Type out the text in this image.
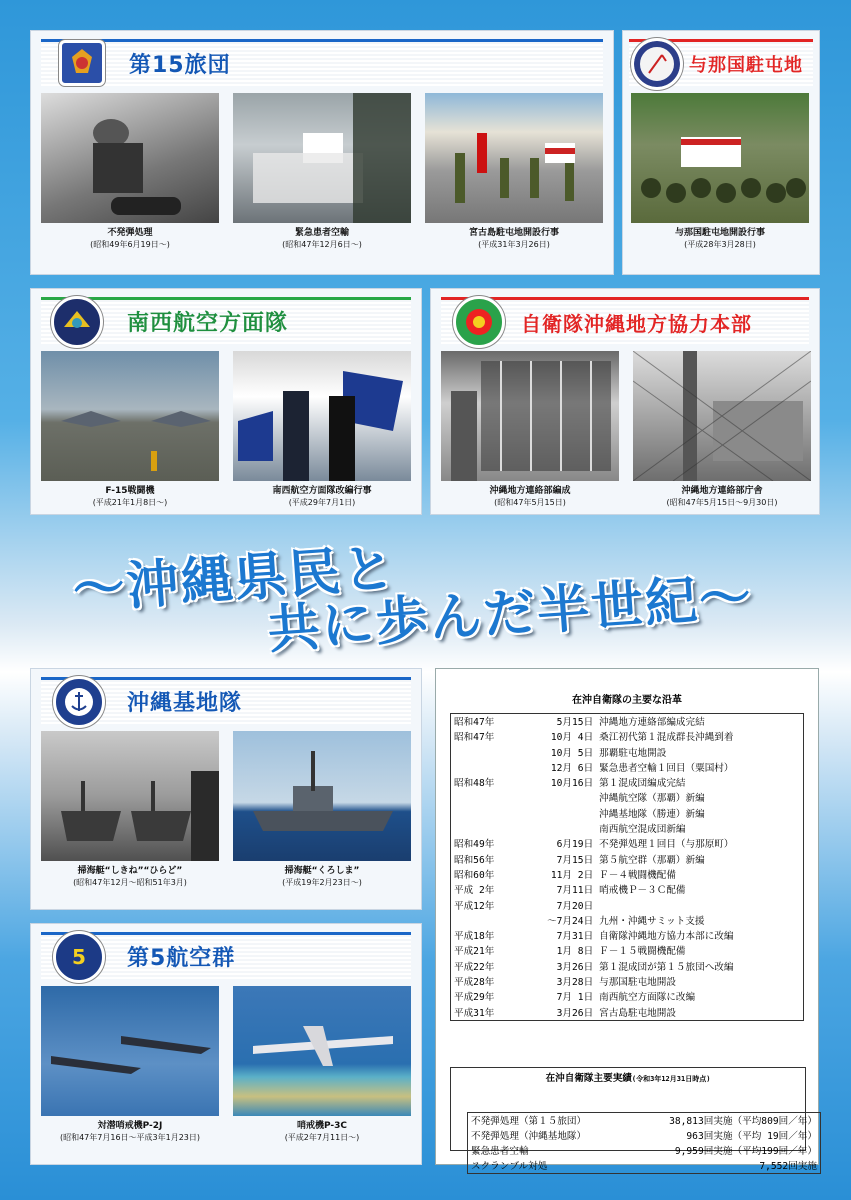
第15旅団
不発弾処理
(昭和49年6月19日～)
緊急患者空輸
(昭和47年12月6日～)
宮古島駐屯地開設行事
(平成31年3月26日)
与那国駐屯地
与那国駐屯地開設行事
(平成28年3月28日)
南西航空方面隊
F-15戦闘機
(平成21年1月8日～)
南西航空方面隊改編行事
(平成29年7月1日)
自衛隊沖縄地方協力本部
沖縄地方連絡部編成
(昭和47年5月15日)
沖縄地方連絡部庁舎
(昭和47年5月15日～9月30日)
～沖縄県民と
共に歩んだ半世紀～
沖縄基地隊
掃海艇“しきね”“ひらど”
(昭和47年12月～昭和51年3月)
掃海艇“くろしま”
(平成19年2月23日～)
5 第5航空群
対潜哨戒機P-2J
(昭和47年7月16日～平成3年1月23日)
哨戒機P-3C
(平成2年7月11日～)
在沖自衛隊の主要な沿革
昭和47年	5月15日	沖縄地方連絡部編成完結
昭和47年	10月 4日	桑江初代第１混成群長沖縄到着
	10月 5日	那覇駐屯地開設
	12月 6日	緊急患者空輸１回目（粟国村）
昭和48年	10月16日	第１混成団編成完結
		沖縄航空隊（那覇）新編
		沖縄基地隊（勝連）新編
		南西航空混成団新編
昭和49年	6月19日	不発弾処理１回目（与那原町）
昭和56年	7月15日	第５航空群（那覇）新編
昭和60年	11月 2日	Ｆ－４戦闘機配備
平成 2年	7月11日	哨戒機Ｐ－３Ｃ配備
平成12年	7月20日	
	～7月24日	九州・沖縄サミット支援
平成18年	7月31日	自衛隊沖縄地方協力本部に改編
平成21年	1月 8日	Ｆ－１５戦闘機配備
平成22年	3月26日	第１混成団が第１５旅団へ改編
平成28年	3月28日	与那国駐屯地開設
平成29年	7月 1日	南西航空方面隊に改編
平成31年	3月26日	宮古島駐屯地開設
在沖自衛隊主要実績(令和3年12月31日時点)
不発弾処理（第１５旅団）	38,813回実施（平均809回／年）
不発弾処理（沖縄基地隊）	963回実施（平均 19回／年）
緊急患者空輸	9,959回実施（平均199回／年）
スクランブル対処	7,552回実施
